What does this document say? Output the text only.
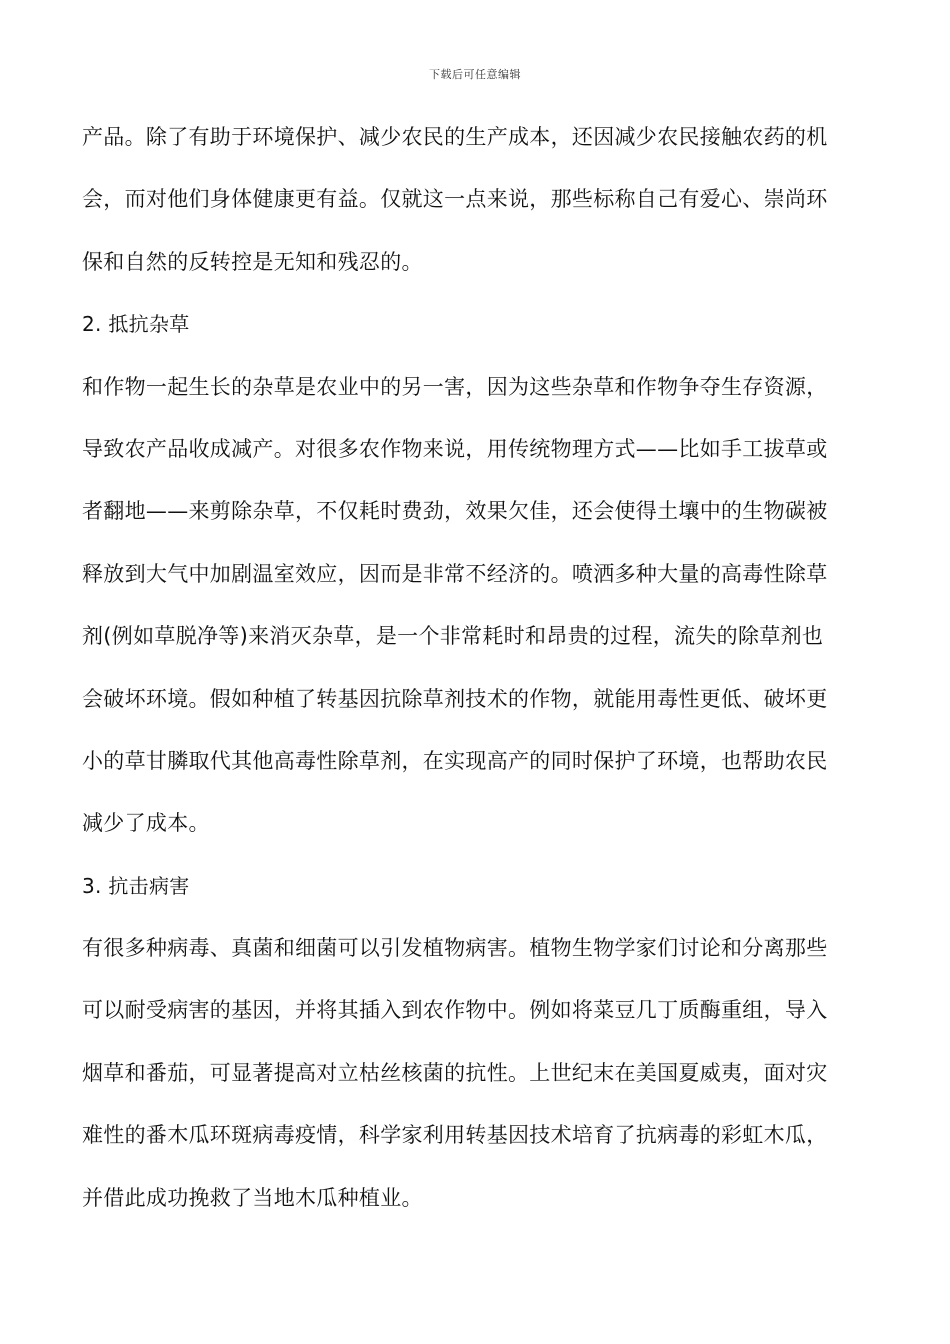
下载后可任意编辑
产品。除了有助于环境保护、减少农民的生产成本，还因减少农民接触农药的机
会，而对他们身体健康更有益。仅就这一点来说，那些标称自己有爱心、崇尚环
保和自然的反转控是无知和残忍的。
2. 抵抗杂草
和作物一起生长的杂草是农业中的另一害，因为这些杂草和作物争夺生存资源，
导致农产品收成减产。对很多农作物来说，用传统物理方式——比如手工拔草或
者翻地——来剪除杂草，不仅耗时费劲，效果欠佳，还会使得土壤中的生物碳被
释放到大气中加剧温室效应，因而是非常不经济的。喷洒多种大量的高毒性除草
剂(例如草脱净等)来消灭杂草，是一个非常耗时和昂贵的过程，流失的除草剂也
会破坏环境。假如种植了转基因抗除草剂技术的作物，就能用毒性更低、破坏更
小的草甘膦取代其他高毒性除草剂，在实现高产的同时保护了环境，也帮助农民
减少了成本。
3. 抗击病害
有很多种病毒、真菌和细菌可以引发植物病害。植物生物学家们讨论和分离那些
可以耐受病害的基因，并将其插入到农作物中。例如将菜豆几丁质酶重组，导入
烟草和番茄，可显著提高对立枯丝核菌的抗性。上世纪末在美国夏威夷，面对灾
难性的番木瓜环斑病毒疫情，科学家利用转基因技术培育了抗病毒的彩虹木瓜，
并借此成功挽救了当地木瓜种植业。
